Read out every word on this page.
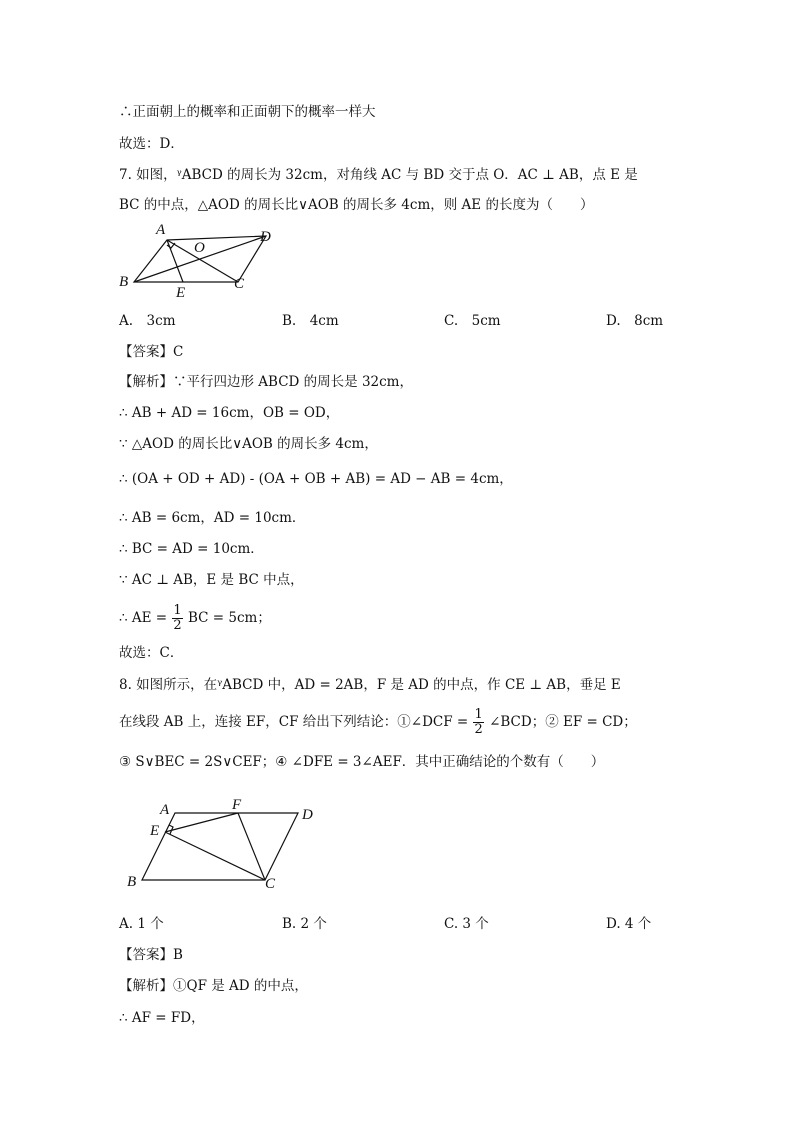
∴正面朝上的概率和正面朝下的概率一样大
故选：D．
7. 如图，ᵞABCD 的周长为 32cm，对角线 AC 与 BD 交于点 O．AC ⊥ AB，点 E 是
BC 的中点，△AOD 的周长比∨AOB 的周长多 4cm，则 AE 的长度为（　　）
A
O
D
B
E
C
A.　3cm	B.　4cm	C.　5cm	D.　8cm
【答案】C
【解析】∵平行四边形 ABCD 的周长是 32cm，
∴ AB + AD = 16cm，OB = OD，
∵ △AOD 的周长比∨AOB 的周长多 4cm，
∴ (OA + OD + AD) - (OA + OB + AB) = AD − AB = 4cm，
∴ AB = 6cm，AD = 10cm．
∴ BC = AD = 10cm．
∵ AC ⊥ AB，E 是 BC 中点，
∴ AE = $\frac{1}{2}$ BC = 5cm；
故选：C．
8. 如图所示，在ᵞABCD 中，AD = 2AB，F 是 AD 的中点，作 CE ⊥ AB，垂足 E
在线段 AB 上，连接 EF，CF 给出下列结论：①∠DCF = $\frac{1}{2}$ ∠BCD；② EF = CD；
③ S∨BEC = 2S∨CEF；④ ∠DFE = 3∠AEF．其中正确结论的个数有（　　）
A	F
D
E
B	C
A. 1 个	B. 2 个	C. 3 个	D. 4 个
【答案】B
【解析】①QF 是 AD 的中点，
∴ AF = FD，
